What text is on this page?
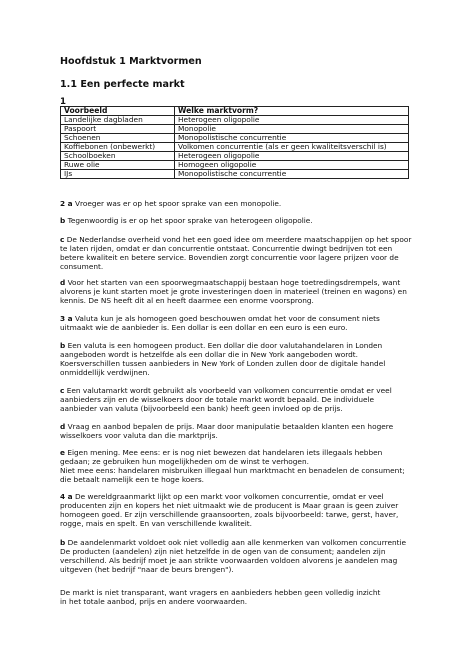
Hoofdstuk 1 Marktvormen
1.1 Een perfecte markt
1
Voorbeeld	Welke marktvorm?
Landelijke dagbladen	Heterogeen oligopolie
Paspoort	Monopolie
Schoenen	Monopolistische concurrentie
Koffiebonen (onbewerkt)	Volkomen concurrentie (als er geen kwaliteitsverschil is)
Schoolboeken	Heterogeen oligopolie
Ruwe olie	Homogeen oligopolie
IJs	Monopolistische concurrentie
2 a Vroeger was er op het spoor sprake van een monopolie.
b Tegenwoordig is er op het spoor sprake van heterogeen oligopolie.
c De Nederlandse overheid vond het een goed idee om meerdere maatschappijen op het spoor
te laten rijden, omdat er dan concurrentie ontstaat. Concurrentie dwingt bedrijven tot een
betere kwaliteit en betere service. Bovendien zorgt concurrentie voor lagere prijzen voor de
consument.
d Voor het starten van een spoorwegmaatschappij bestaan hoge toetredingsdrempels, want
alvorens je kunt starten moet je grote investeringen doen in materieel (treinen en wagons) en
kennis. De NS heeft dit al en heeft daarmee een enorme voorsprong.
3 a Valuta kun je als homogeen goed beschouwen omdat het voor de consument niets
uitmaakt wie de aanbieder is. Een dollar is een dollar en een euro is een euro.
b Een valuta is een homogeen product. Een dollar die door valutahandelaren in Londen
aangeboden wordt is hetzelfde als een dollar die in New York aangeboden wordt.
Koersverschillen tussen aanbieders in New York of Londen zullen door de digitale handel
onmiddellijk verdwijnen.
c Een valutamarkt wordt gebruikt als voorbeeld van volkomen concurrentie omdat er veel
aanbieders zijn en de wisselkoers door de totale markt wordt bepaald. De individuele
aanbieder van valuta (bijvoorbeeld een bank) heeft geen invloed op de prijs.
d Vraag en aanbod bepalen de prijs. Maar door manipulatie betaalden klanten een hogere
wisselkoers voor valuta dan die marktprijs.
e Eigen mening. Mee eens: er is nog niet bewezen dat handelaren iets illegaals hebben
gedaan; ze gebruiken hun mogelijkheden om de winst te verhogen.
Niet mee eens: handelaren misbruiken illegaal hun marktmacht en benadelen de consument;
die betaalt namelijk een te hoge koers.
4 a De wereldgraanmarkt lijkt op een markt voor volkomen concurrentie, omdat er veel
producenten zijn en kopers het niet uitmaakt wie de producent is Maar graan is geen zuiver
homogeen goed. Er zijn verschillende graansoorten, zoals bijvoorbeeld: tarwe, gerst, haver,
rogge, mais en spelt. En van verschillende kwaliteit.
b De aandelenmarkt voldoet ook niet volledig aan alle kenmerken van volkomen concurrentie
De producten (aandelen) zijn niet hetzelfde in de ogen van de consument; aandelen zijn
verschillend. Als bedrijf moet je aan strikte voorwaarden voldoen alvorens je aandelen mag
uitgeven (het bedrijf "naar de beurs brengen").
De markt is niet transparant, want vragers en aanbieders hebben geen volledig inzicht
in het totale aanbod, prijs en andere voorwaarden.
